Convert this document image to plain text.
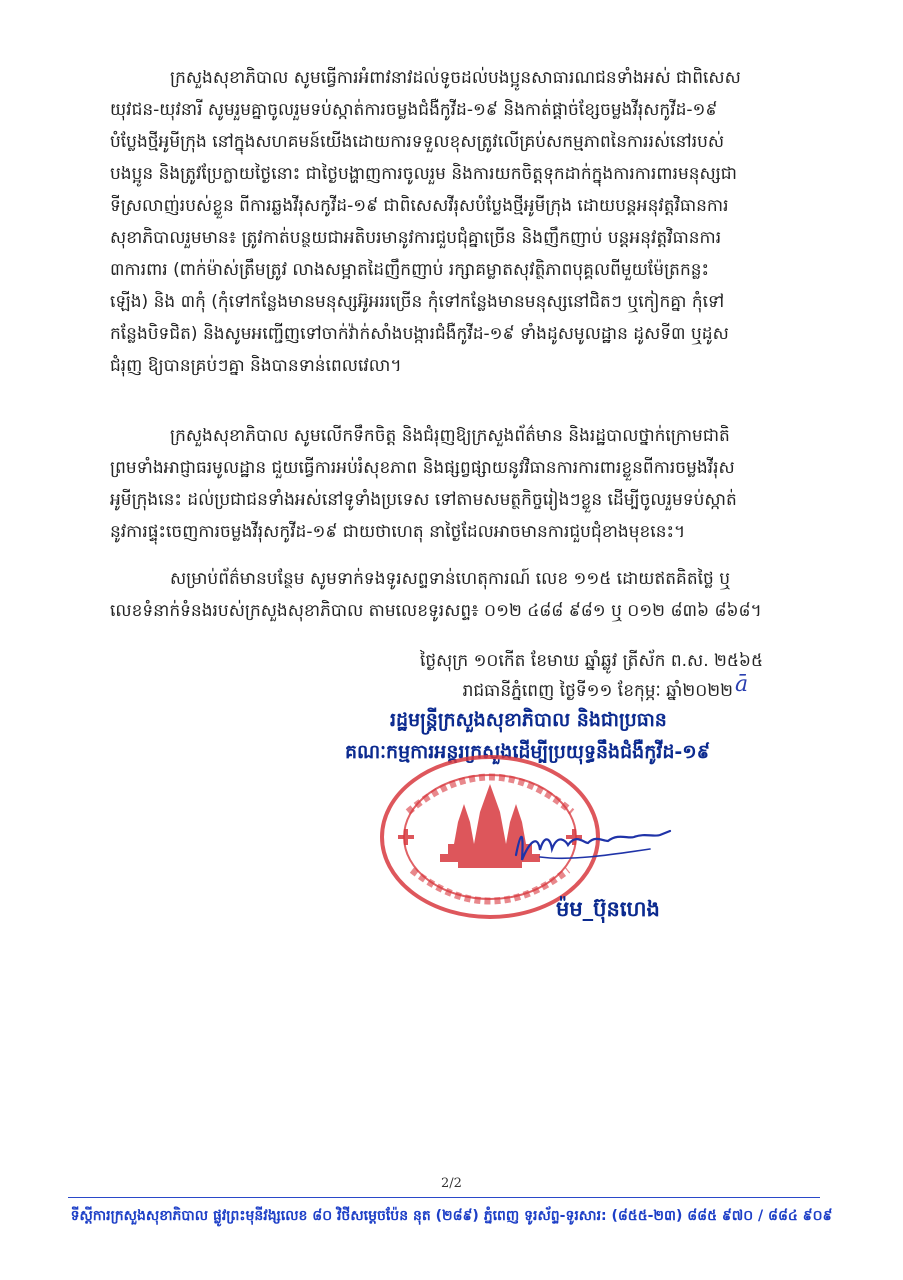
ក្រសួងសុខាភិបាល សូមធ្វើការអំពាវនាវដល់ទូចដល់បងប្អូនសាធារណជនទាំងអស់ ជាពិសេស
យុវជន-យុវនារី សូមរួមគ្នាចូលរួមទប់ស្កាត់ការចម្លងជំងឺកូវីដ-១៩ និងកាត់ផ្តាច់ខ្សែចម្លងវីរុសកូវីដ-១៩
បំប្លែងថ្មីអូមីក្រុង នៅក្នុងសហគមន៍យើងដោយការទទួលខុសត្រូវលើគ្រប់សកម្មភាពនៃការរស់នៅរបស់
បងប្អូន និងត្រូវប្រែក្លាយថ្ងៃនោះ ជាថ្ងៃបង្ហាញការចូលរួម និងការយកចិត្តទុកដាក់ក្នុងការការពារមនុស្សជា
ទីស្រលាញ់របស់ខ្លួន ពីការឆ្លងវីរុសកូវីដ-១៩ ជាពិសេសវីរុសបំប្លែងថ្មីអូមីក្រុង ដោយបន្តអនុវត្តវិធានការ
សុខាភិបាលរួមមាន៖ ត្រូវកាត់បន្ថយជាអតិបរមានូវការជួបជុំគ្នាច្រើន និងញឹកញាប់ បន្តអនុវត្តវិធានការ
៣ការពារ (ពាក់ម៉ាស់ត្រឹមត្រូវ លាងសម្អាតដៃញឹកញាប់ រក្សាគម្លាតសុវត្ថិភាពបុគ្គលពីមួយម៉ែត្រកន្លះ
ឡើង) និង ៣កុំ (កុំទៅកន្លែងមានមនុស្សអ៊ូអររច្រើន កុំទៅកន្លែងមានមនុស្សនៅជិតៗ ឬកៀកគ្នា កុំទៅ
កន្លែងបិទជិត) និងសូមអញ្ជើញទៅចាក់វ៉ាក់សាំងបង្ការជំងឺកូវីដ-១៩ ទាំងដូសមូលដ្ឋាន ដូសទី៣ ឬដូស
ជំរុញ ឱ្យបានគ្រប់ៗគ្នា និងបានទាន់ពេលវេលា។
ក្រសួងសុខាភិបាល សូមលើកទឹកចិត្ត និងជំរុញឱ្យក្រសួងព័ត៌មាន និងរដ្ឋបាលថ្នាក់ក្រោមជាតិ
ព្រមទាំងអាជ្ញាធរមូលដ្ឋាន ជួយធ្វើការអប់រំសុខភាព និងផ្សព្វផ្សាយនូវវិធានការការពារខ្លួនពីការចម្លងវីរុស
អូមីក្រុងនេះ ដល់ប្រជាជនទាំងអស់នៅទូទាំងប្រទេស ទៅតាមសមត្ថកិច្ចរៀងៗខ្លួន ដើម្បីចូលរួមទប់ស្កាត់
នូវការផ្ទុះចេញការចម្លងវីរុសកូវីដ-១៩ ជាយថាហេតុ នាថ្ងៃដែលអាចមានការជួបជុំខាងមុខនេះ។
សម្រាប់ព័ត៌មានបន្ថែម សូមទាក់ទងទូរសព្ទទាន់ហេតុការណ៍ លេខ ១១៥ ដោយឥតគិតថ្លៃ ឬ
លេខទំនាក់ទំនងរបស់ក្រសួងសុខាភិបាល តាមលេខទូរសព្ទ៖ ០១២ ៤៨៨ ៩៨១ ឬ ០១២ ៨៣៦ ៨៦៨។
ថ្ងៃសុក្រ ១០កើត ខែមាឃ ឆ្នាំឆ្លូវ ត្រីស័ក ព.ស. ២៥៦៥
រាជធានីភ្នំពេញ ថ្ងៃទី១១ ខែកុម្ភៈ ឆ្នាំ២០២២ ā
រដ្ឋមន្ត្រីក្រសួងសុខាភិបាល និងជាប្រធាន
គណៈកម្មការអន្តរក្រសួងដើម្បីប្រយុទ្ធនឹងជំងឺកូវីដ-១៩
ម៉ម_ប៊ុនហេង
2/2
ទីស្តីការក្រសួងសុខាភិបាល ផ្លូវព្រះមុនីវង្សលេខ ៨០ វិថីសម្តេចប៉ែន នុត (២៨៩) ភ្នំពេញ ទូរស័ព្ទ-ទូរសារ: (៨៥៥-២៣) ៨៨៥ ៩៧០ / ៨៨៤ ៩០៩
